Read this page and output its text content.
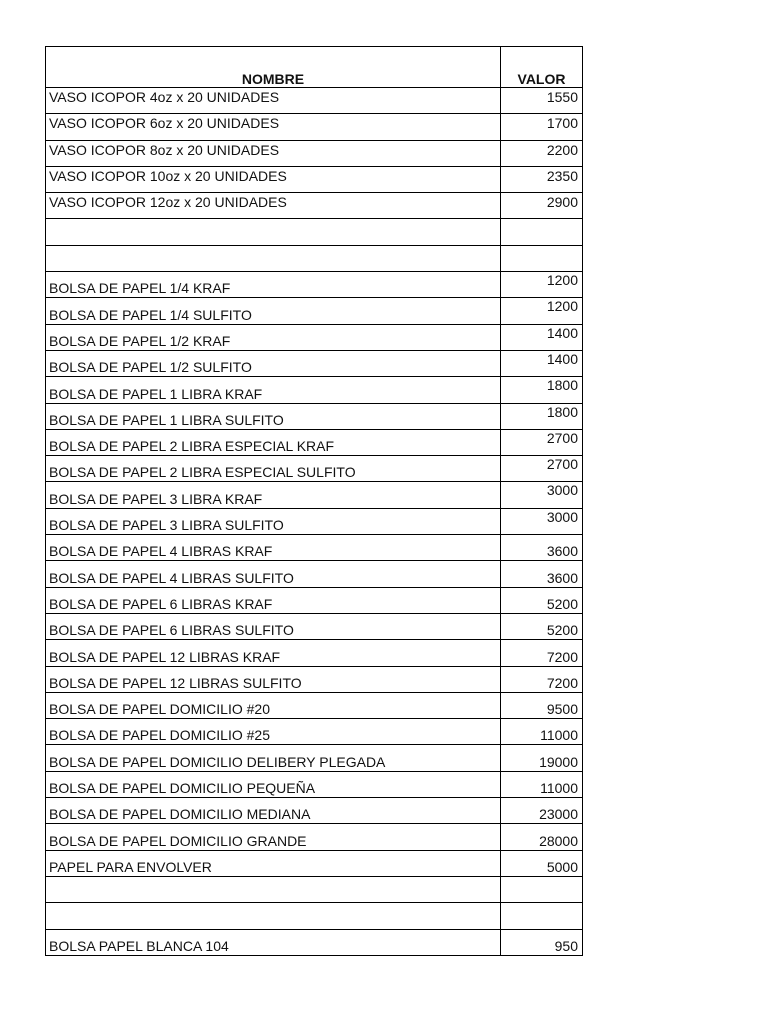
NOMBRE	VALOR
VASO ICOPOR 4oz x 20 UNIDADES	1550
VASO ICOPOR 6oz x 20 UNIDADES	1700
VASO ICOPOR 8oz x 20 UNIDADES	2200
VASO ICOPOR 10oz x 20 UNIDADES	2350
VASO ICOPOR 12oz x 20 UNIDADES	2900

BOLSA DE PAPEL 1/4 KRAF	1200
BOLSA DE PAPEL 1/4 SULFITO	1200
BOLSA DE PAPEL 1/2 KRAF	1400
BOLSA DE PAPEL 1/2 SULFITO	1400
BOLSA DE PAPEL 1 LIBRA KRAF	1800
BOLSA DE PAPEL 1 LIBRA SULFITO	1800
BOLSA DE PAPEL 2 LIBRA ESPECIAL KRAF	2700
BOLSA DE PAPEL 2 LIBRA ESPECIAL SULFITO	2700
BOLSA DE PAPEL 3 LIBRA KRAF	3000
BOLSA DE PAPEL 3 LIBRA SULFITO	3000
BOLSA DE PAPEL 4 LIBRAS KRAF	3600
BOLSA DE PAPEL 4 LIBRAS SULFITO	3600
BOLSA DE PAPEL 6 LIBRAS KRAF	5200
BOLSA DE PAPEL 6 LIBRAS SULFITO	5200
BOLSA DE PAPEL 12 LIBRAS KRAF	7200
BOLSA DE PAPEL 12 LIBRAS SULFITO	7200
BOLSA DE PAPEL DOMICILIO #20	9500
BOLSA DE PAPEL DOMICILIO #25	11000
BOLSA DE PAPEL DOMICILIO DELIBERY PLEGADA	19000
BOLSA DE PAPEL DOMICILIO PEQUEÑA	11000
BOLSA DE PAPEL DOMICILIO MEDIANA	23000
BOLSA DE PAPEL DOMICILIO GRANDE	28000
PAPEL PARA ENVOLVER	5000

BOLSA PAPEL BLANCA 104	950
